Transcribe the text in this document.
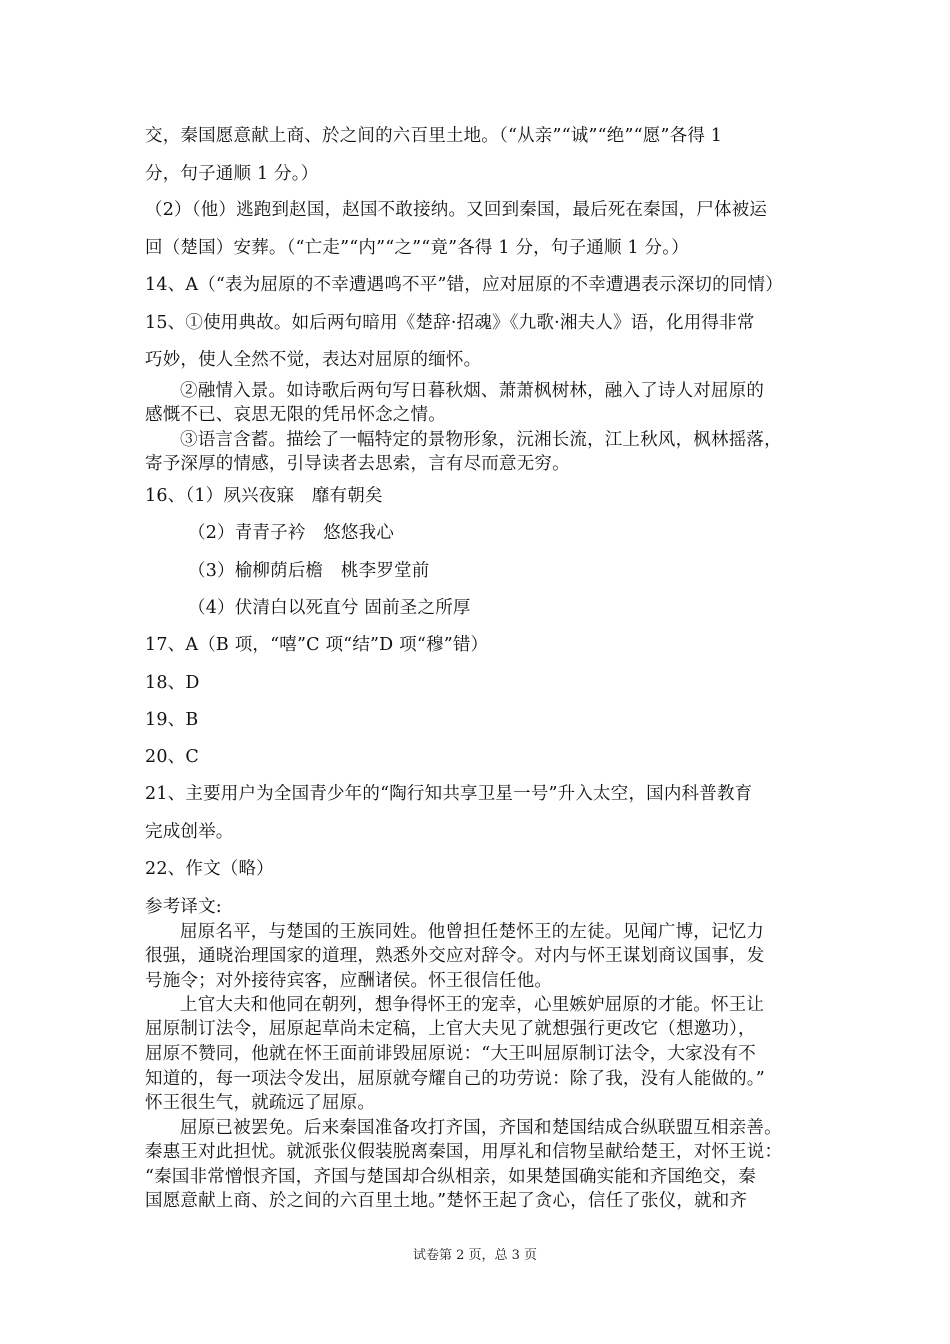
交，秦国愿意献上商、於之间的六百里土地。（“从亲”“诚”“绝”“愿”各得 1
分，句子通顺 1 分。）
（2）（他）逃跑到赵国，赵国不敢接纳。又回到秦国，最后死在秦国，尸体被运
回（楚国）安葬。（“亡走”“内”“之”“竟”各得 1 分，句子通顺 1 分。）
14、A（“表为屈原的不幸遭遇鸣不平”错，应对屈原的不幸遭遇表示深切的同情）
15、①使用典故。如后两句暗用《楚辞·招魂》《九歌·湘夫人》语，化用得非常
巧妙，使人全然不觉，表达对屈原的缅怀。
②融情入景。如诗歌后两句写日暮秋烟、萧萧枫树林，融入了诗人对屈原的
感慨不已、哀思无限的凭吊怀念之情。
③语言含蓄。描绘了一幅特定的景物形象，沅湘长流，江上秋风，枫林摇落，
寄予深厚的情感，引导读者去思索，言有尽而意无穷。
16、（1）夙兴夜寐　靡有朝矣
（2）青青子衿　悠悠我心
（3）榆柳荫后檐　桃李罗堂前
（4）伏清白以死直兮 固前圣之所厚
17、A（B 项，“嘻”C 项“结”D 项“穆”错）
18、D
19、B
20、C
21、主要用户为全国青少年的“陶行知共享卫星一号”升入太空，国内科普教育
完成创举。
22、作文（略）
参考译文:
屈原名平，与楚国的王族同姓。他曾担任楚怀王的左徒。见闻广博，记忆力
很强，通晓治理国家的道理，熟悉外交应对辞令。对内与怀王谋划商议国事，发
号施令；对外接待宾客，应酬诸侯。怀王很信任他。
上官大夫和他同在朝列，想争得怀王的宠幸，心里嫉妒屈原的才能。怀王让
屈原制订法令，屈原起草尚未定稿，上官大夫见了就想强行更改它（想邀功），
屈原不赞同，他就在怀王面前诽毁屈原说：“大王叫屈原制订法令，大家没有不
知道的，每一项法令发出，屈原就夸耀自己的功劳说：除了我，没有人能做的。”
怀王很生气，就疏远了屈原。
屈原已被罢免。后来秦国准备攻打齐国，齐国和楚国结成合纵联盟互相亲善。
秦惠王对此担忧。就派张仪假装脱离秦国，用厚礼和信物呈献给楚王，对怀王说：
“秦国非常憎恨齐国，齐国与楚国却合纵相亲，如果楚国确实能和齐国绝交，秦
国愿意献上商、於之间的六百里土地。”楚怀王起了贪心，信任了张仪，就和齐
试卷第 2 页，总 3 页
